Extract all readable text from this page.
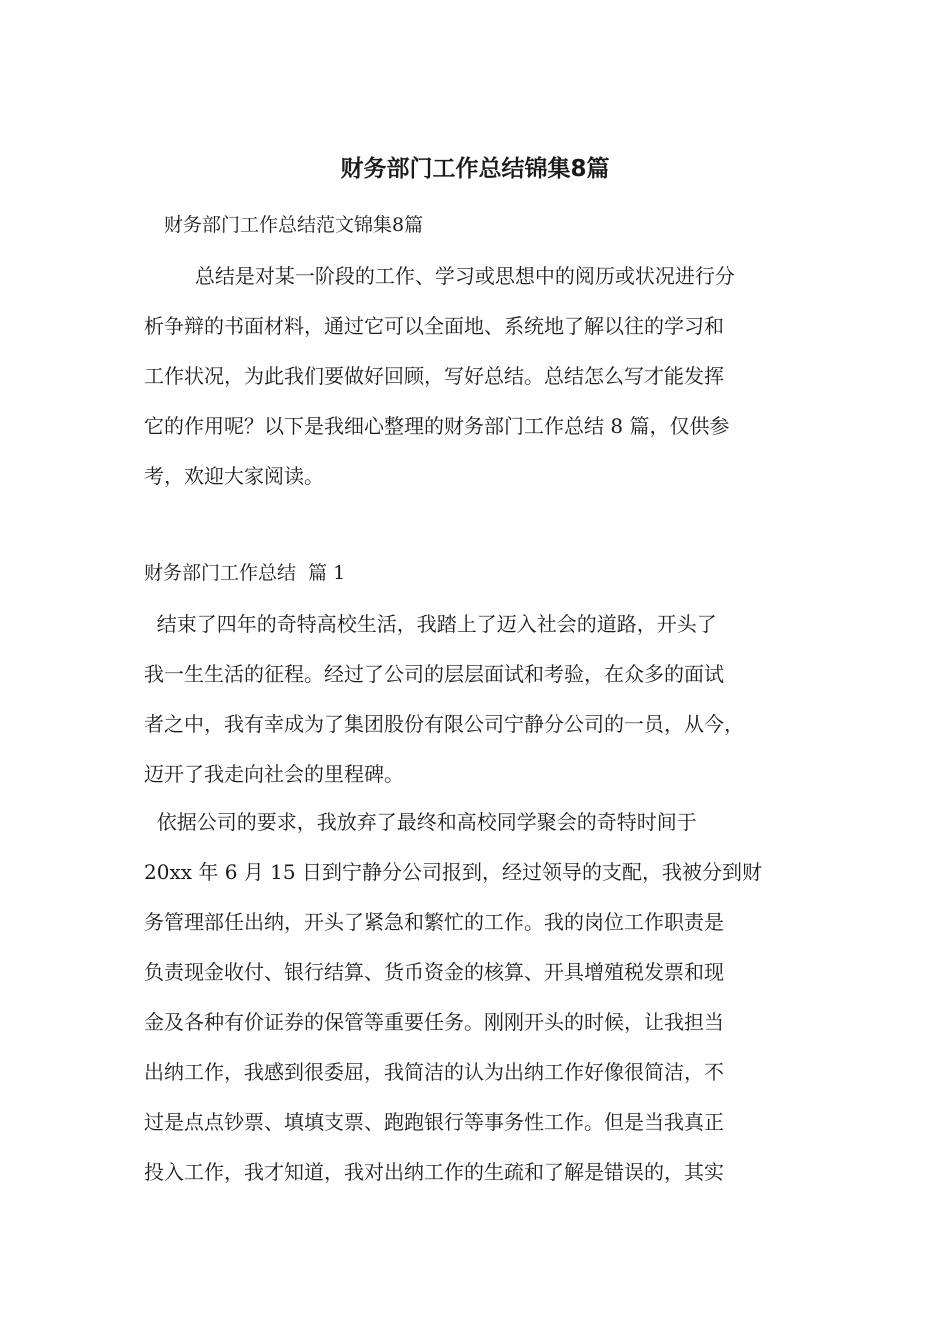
财务部门工作总结锦集8篇
财务部门工作总结范文锦集8篇
总结是对某一阶段的工作、学习或思想中的阅历或状况进行分
析争辩的书面材料，通过它可以全面地、系统地了解以往的学习和
工作状况，为此我们要做好回顾，写好总结。总结怎么写才能发挥
它的作用呢？以下是我细心整理的财务部门工作总结 8 篇，仅供参
考，欢迎大家阅读。
财务部门工作总结  篇 1
结束了四年的奇特高校生活，我踏上了迈入社会的道路，开头了
我一生生活的征程。经过了公司的层层面试和考验，在众多的面试
者之中，我有幸成为了集团股份有限公司宁静分公司的一员，从今，
迈开了我走向社会的里程碑。
依据公司的要求，我放弃了最终和高校同学聚会的奇特时间于
20xx 年 6 月 15 日到宁静分公司报到，经过领导的支配，我被分到财
务管理部任出纳，开头了紧急和繁忙的工作。我的岗位工作职责是
负责现金收付、银行结算、货币资金的核算、开具增殖税发票和现
金及各种有价证券的保管等重要任务。刚刚开头的时候，让我担当
出纳工作，我感到很委屈，我简洁的认为出纳工作好像很简洁，不
过是点点钞票、填填支票、跑跑银行等事务性工作。但是当我真正
投入工作，我才知道，我对出纳工作的生疏和了解是错误的，其实
